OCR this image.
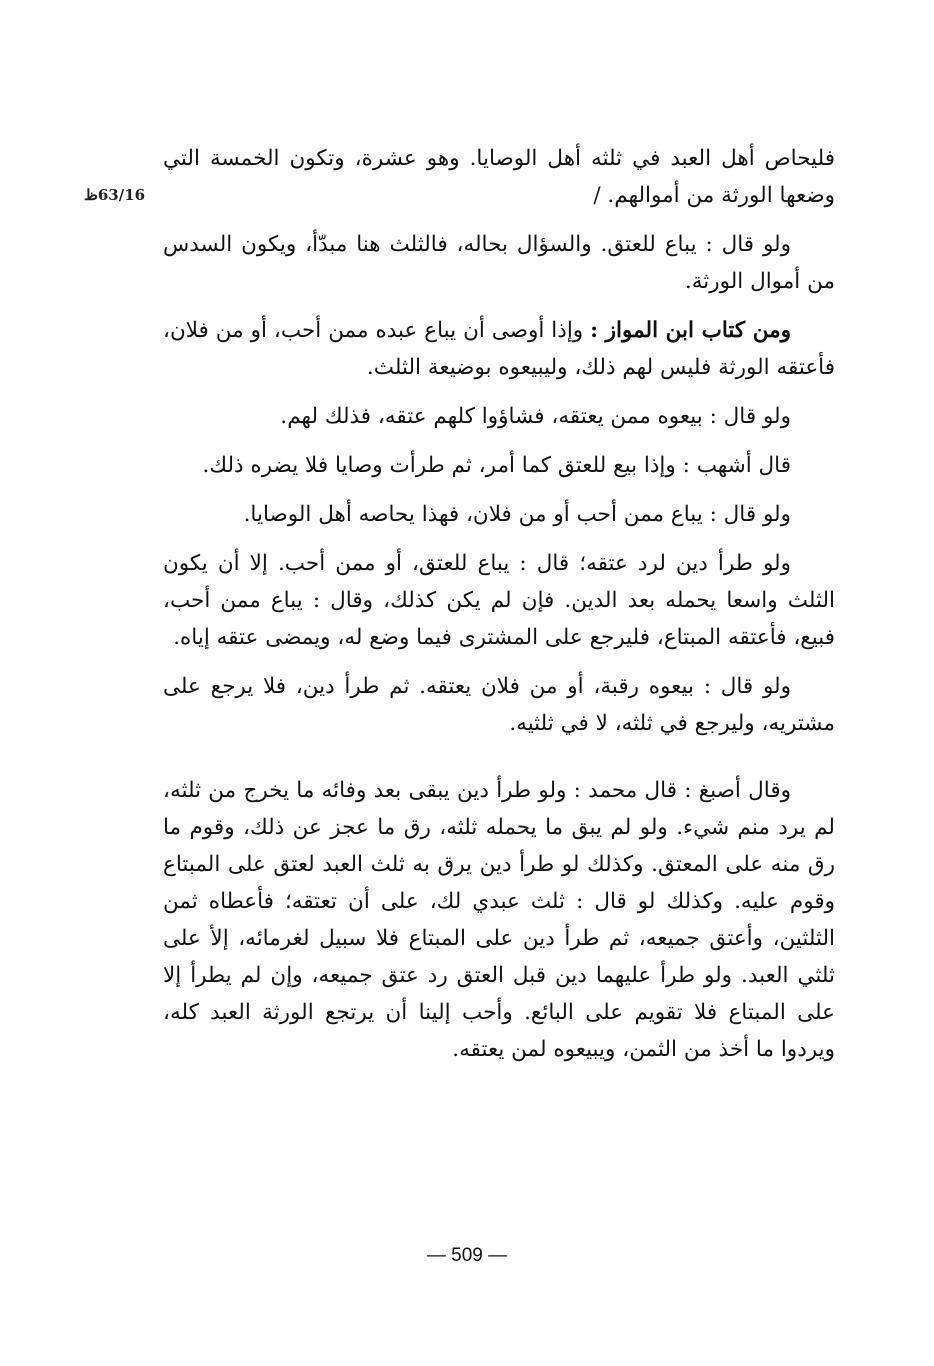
63/16ظ

فليحاص أهل العبد في ثلثه أهل الوصايا. وهو عشرة، وتكون الخمسة التي وضعها الورثة من أموالهم. /

ولو قال : يباع للعتق. والسؤال بحاله، فالثلث هنا مبدّأ، ويكون السدس من أموال الورثة.

ومن كتاب ابن المواز : وإذا أوصى أن يباع عبده ممن أحب، أو من فلان، فأعتقه الورثة فليس لهم ذلك، وليبيعوه بوضيعة الثلث.

ولو قال : بيعوه ممن يعتقه، فشاؤوا كلهم عتقه، فذلك لهم.

قال أشهب : وإذا بيع للعتق كما أمر، ثم طرأت وصايا فلا يضره ذلك.

ولو قال : يباع ممن أحب أو من فلان، فهذا يحاصه أهل الوصايا.

ولو طرأ دين لرد عتقه؛ قال : يباع للعتق، أو ممن أحب. إلا أن يكون الثلث واسعا يحمله بعد الدين. فإن لم يكن كذلك، وقال : يباع ممن أحب، فبيع، فأعتقه المبتاع، فليرجع على المشترى فيما وضع له، ويمضى عتقه إياه.

ولو قال : بيعوه رقبة، أو من فلان يعتقه. ثم طرأ دين، فلا يرجع على مشتريه، وليرجع في ثلثه، لا في ثلثيه.

وقال أصبغ : قال محمد : ولو طرأ دين يبقى بعد وفائه ما يخرج من ثلثه، لم يرد منم شيء. ولو لم يبق ما يحمله ثلثه، رق ما عجز عن ذلك، وقوم ما رق منه على المعتق. وكذلك لو طرأ دين يرق به ثلث العبد لعتق على المبتاع وقوم عليه. وكذلك لو قال : ثلث عبدي لك، على أن تعتقه؛ فأعطاه ثمن الثلثين، وأعتق جميعه، ثم طرأ دين على المبتاع فلا سبيل لغرمائه، إلأ على ثلثي العبد. ولو طرأ عليهما دين قبل العتق رد عتق جميعه، وإن لم يطرأ إلا على المبتاع فلا تقويم على البائع. وأحب إلينا أن يرتجع الورثة العبد كله، ويردوا ما أخذ من الثمن، ويبيعوه لمن يعتقه.

— 509 —
